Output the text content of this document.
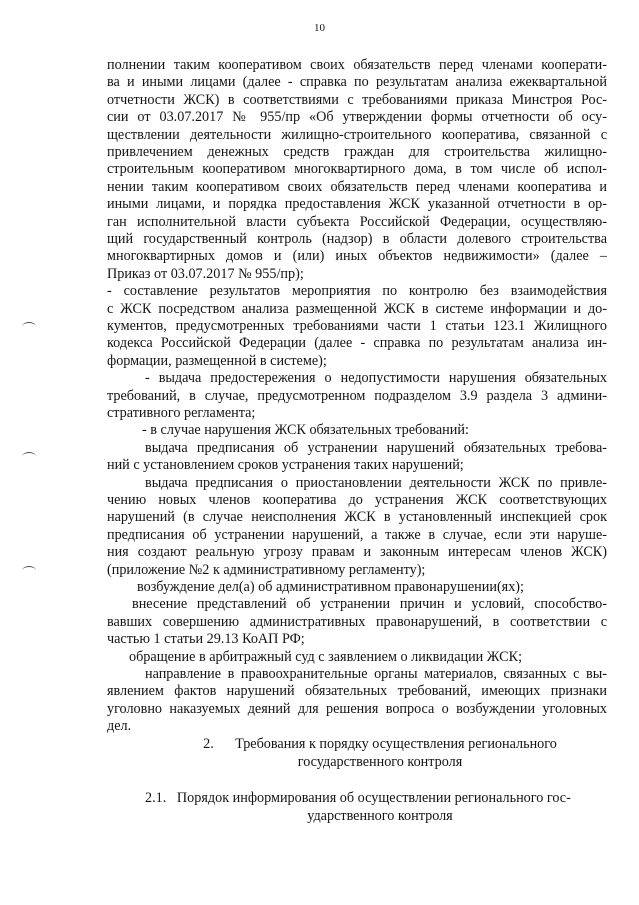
10
полнении таким кооперативом своих обязательств перед членами кооперати-
ва и иными лицами (далее - справка по результатам анализа ежеквартальной
отчетности ЖСК) в соответствиями с требованиями приказа Минстроя Рос-
сии от 03.07.2017 № 955/пр «Об утверждении формы отчетности об осу-
ществлении деятельности жилищно-строительного кооператива, связанной с
привлечением денежных средств граждан для строительства жилищно-
строительным кооперативом многоквартирного дома, в том числе об испол-
нении таким кооперативом своих обязательств перед членами кооператива и
иными лицами, и порядка предоставления ЖСК указанной отчетности в ор-
ган исполнительной власти субъекта Российской Федерации, осуществляю-
щий государственный контроль (надзор) в области долевого строительства
многоквартирных домов и (или) иных объектов недвижимости» (далее –
Приказ от 03.07.2017 № 955/пр);
- составление результатов мероприятия по контролю без взаимодействия
с ЖСК посредством анализа размещенной ЖСК в системе информации и до-
кументов, предусмотренных требованиями части 1 статьи 123.1 Жилищного
кодекса Российской Федерации (далее - справка по результатам анализа ин-
формации, размещенной в системе);
- выдача предостережения о недопустимости нарушения обязательных
требований, в случае, предусмотренном подразделом 3.9 раздела 3 админи-
стративного регламента;
- в случае нарушения ЖСК обязательных требований:
выдача предписания об устранении нарушений обязательных требова-
ний с установлением сроков устранения таких нарушений;
выдача предписания о приостановлении деятельности ЖСК по привле-
чению новых членов кооператива до устранения ЖСК соответствующих
нарушений (в случае неисполнения ЖСК в установленный инспекцией срок
предписания об устранении нарушений, а также в случае, если эти наруше-
ния создают реальную угрозу правам и законным интересам членов ЖСК)
(приложение №2 к административному регламенту);
возбуждение дел(а) об административном правонарушении(ях);
внесение представлений об устранении причин и условий, способство-
вавших совершению административных правонарушений, в соответствии с
частью 1 статьи 29.13 КоАП РФ;
обращение в арбитражный суд с заявлением о ликвидации ЖСК;
направление в правоохранительные органы материалов, связанных с вы-
явлением фактов нарушений обязательных требований, имеющих признаки
уголовно наказуемых деяний для решения вопроса о возбуждении уголовных
дел.
2. Требования к порядку осуществления регионального
государственного контроля
2.1. Порядок информирования об осуществлении регионального гос-
ударственного контроля
